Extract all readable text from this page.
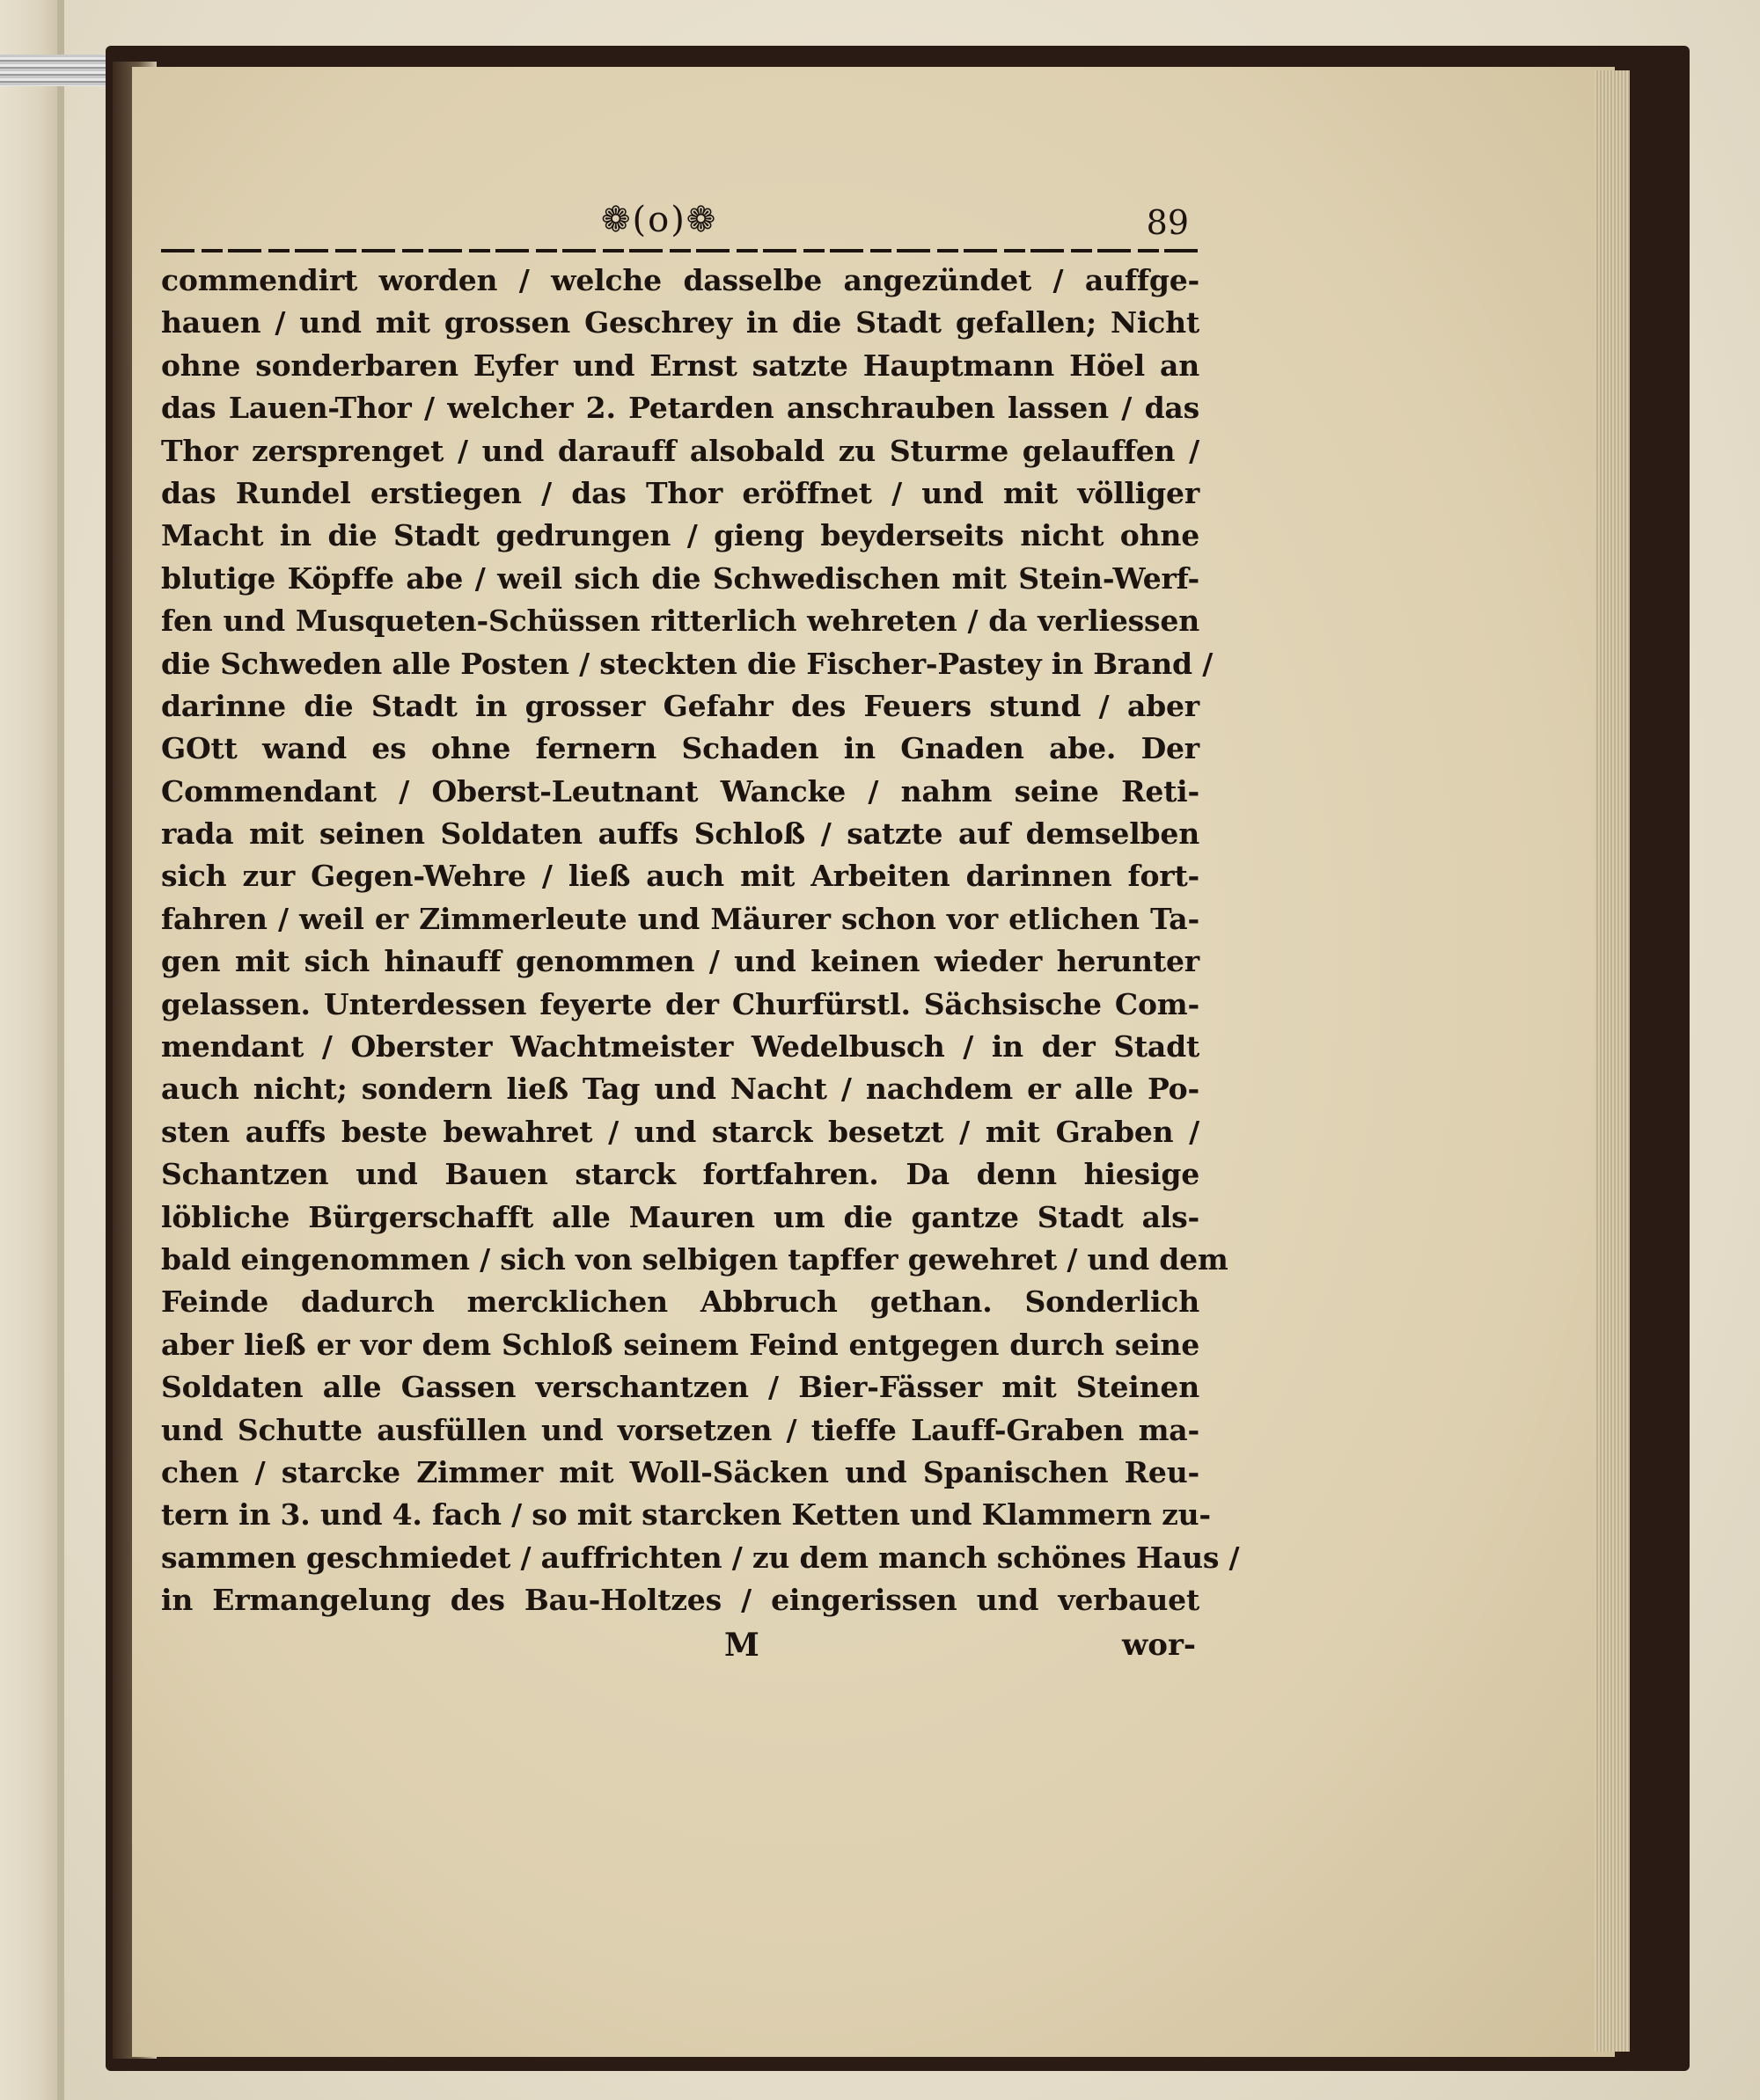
❁(o)❁	89
commendirt worden / welche dasselbe angezündet / auffge-
hauen / und mit grossen Geschrey in die Stadt gefallen; Nicht
ohne sonderbaren Eyfer und Ernst satzte Hauptmann Höel an
das Lauen-Thor / welcher 2. Petarden anschrauben lassen / das
Thor zersprenget / und darauff alsobald zu Sturme gelauffen /
das Rundel erstiegen / das Thor eröffnet / und mit völliger
Macht in die Stadt gedrungen / gieng beyderseits nicht ohne
blutige Köpffe abe / weil sich die Schwedischen mit Stein-Werf-
fen und Musqueten-Schüssen ritterlich wehreten / da verliessen
die Schweden alle Posten / steckten die Fischer-Pastey in Brand /
darinne die Stadt in grosser Gefahr des Feuers stund / aber
GOtt wand es ohne fernern Schaden in Gnaden abe. Der
Commendant / Oberst-Leutnant Wancke / nahm seine Reti-
rada mit seinen Soldaten auffs Schloß / satzte auf demselben
sich zur Gegen-Wehre / ließ auch mit Arbeiten darinnen fort-
fahren / weil er Zimmerleute und Mäurer schon vor etlichen Ta-
gen mit sich hinauff genommen / und keinen wieder herunter
gelassen. Unterdessen feyerte der Churfürstl. Sächsische Com-
mendant / Oberster Wachtmeister Wedelbusch / in der Stadt
auch nicht; sondern ließ Tag und Nacht / nachdem er alle Po-
sten auffs beste bewahret / und starck besetzt / mit Graben /
Schantzen und Bauen starck fortfahren. Da denn hiesige
löbliche Bürgerschafft alle Mauren um die gantze Stadt als-
bald eingenommen / sich von selbigen tapffer gewehret / und dem
Feinde dadurch mercklichen Abbruch gethan. Sonderlich
aber ließ er vor dem Schloß seinem Feind entgegen durch seine
Soldaten alle Gassen verschantzen / Bier-Fässer mit Steinen
und Schutte ausfüllen und vorsetzen / tieffe Lauff-Graben ma-
chen / starcke Zimmer mit Woll-Säcken und Spanischen Reu-
tern in 3. und 4. fach / so mit starcken Ketten und Klammern zu-
sammen geschmiedet / auffrichten / zu dem manch schönes Haus /
in Ermangelung des Bau-Holtzes / eingerissen und verbauet
M	wor-
